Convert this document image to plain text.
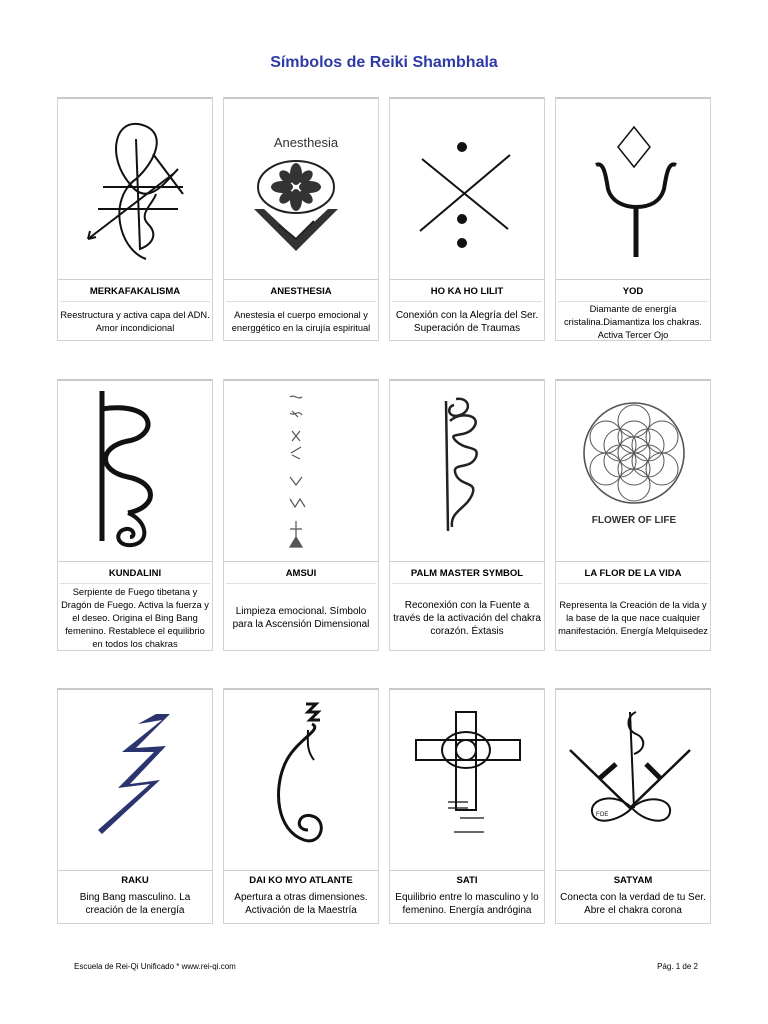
Símbolos de Reiki Shambhala
MERKAFAKALISMA
Reestructura y activa capa del ADN. Amor incondicional
Anesthesia
ANESTHESIA
Anestesia el cuerpo emocional y energgético en la cirujía espiritual
HO KA HO LILIT
Conexión con la Alegría del Ser. Superación de Traumas
YOD
Diamante de energía cristalina.Diamantiza los chakras. Activa Tercer Ojo
KUNDALINI
Serpiente de Fuego tibetana y Dragón de Fuego. Activa la fuerza y el deseo. Origina el Bing Bang femenino. Restablece el equilibrio en todos los chakras
AMSUI
Limpieza emocional. Símbolo para la Ascensión Dimensional
PALM MASTER SYMBOL
Reconexión con la Fuente a través de la activación del chakra corazón. Éxtasis
FLOWER OF LIFE
LA FLOR DE LA VIDA
Representa la Creación de la vida y la base de la que nace cualquier manifestación. Energía Melquisedez
RAKU
Bing Bang masculino. La creación de la energía
DAI KO MYO ATLANTE
Apertura a otras dimensiones. Activación de la Maestría
SATI
Equilibrio entre lo masculino y lo femenino. Energía andrógina
FOE
SATYAM
Conecta con la verdad de tu Ser. Abre el chakra corona
Escuela de Rei-Qi Unificado * www.rei-qi.com	Pág. 1 de 2
